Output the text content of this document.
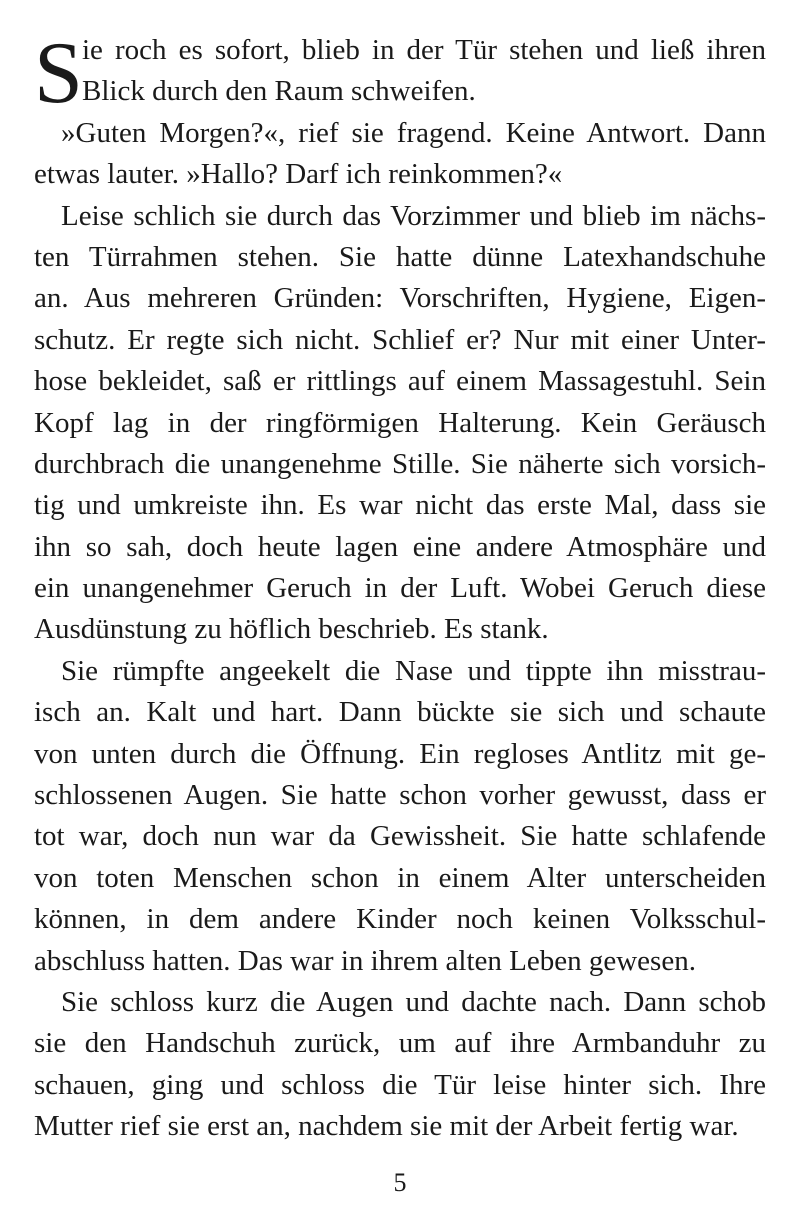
S ie roch es sofort, blieb in der Tür stehen und ließ ihren
Blick durch den Raum schweifen.
»Guten Morgen?«, rief sie fragend. Keine Antwort. Dann
etwas lauter. »Hallo? Darf ich reinkommen?«
Leise schlich sie durch das Vorzimmer und blieb im nächs-
ten Türrahmen stehen. Sie hatte dünne Latexhandschuhe
an. Aus mehreren Gründen: Vorschriften, Hygiene, Eigen-
schutz. Er regte sich nicht. Schlief er? Nur mit einer Unter-
hose bekleidet, saß er rittlings auf einem Massagestuhl. Sein
Kopf lag in der ringförmigen Halterung. Kein Geräusch
durchbrach die unangenehme Stille. Sie näherte sich vorsich-
tig und umkreiste ihn. Es war nicht das erste Mal, dass sie
ihn so sah, doch heute lagen eine andere Atmosphäre und
ein unangenehmer Geruch in der Luft. Wobei Geruch diese
Ausdünstung zu höflich beschrieb. Es stank.
Sie rümpfte angeekelt die Nase und tippte ihn misstrau-
isch an. Kalt und hart. Dann bückte sie sich und schaute
von unten durch die Öffnung. Ein regloses Antlitz mit ge-
schlossenen Augen. Sie hatte schon vorher gewusst, dass er
tot war, doch nun war da Gewissheit. Sie hatte schlafende
von toten Menschen schon in einem Alter unterscheiden
können, in dem andere Kinder noch keinen Volksschul-
abschluss hatten. Das war in ihrem alten Leben gewesen.
Sie schloss kurz die Augen und dachte nach. Dann schob
sie den Handschuh zurück, um auf ihre Armbanduhr zu
schauen, ging und schloss die Tür leise hinter sich. Ihre
Mutter rief sie erst an, nachdem sie mit der Arbeit fertig war.
5
